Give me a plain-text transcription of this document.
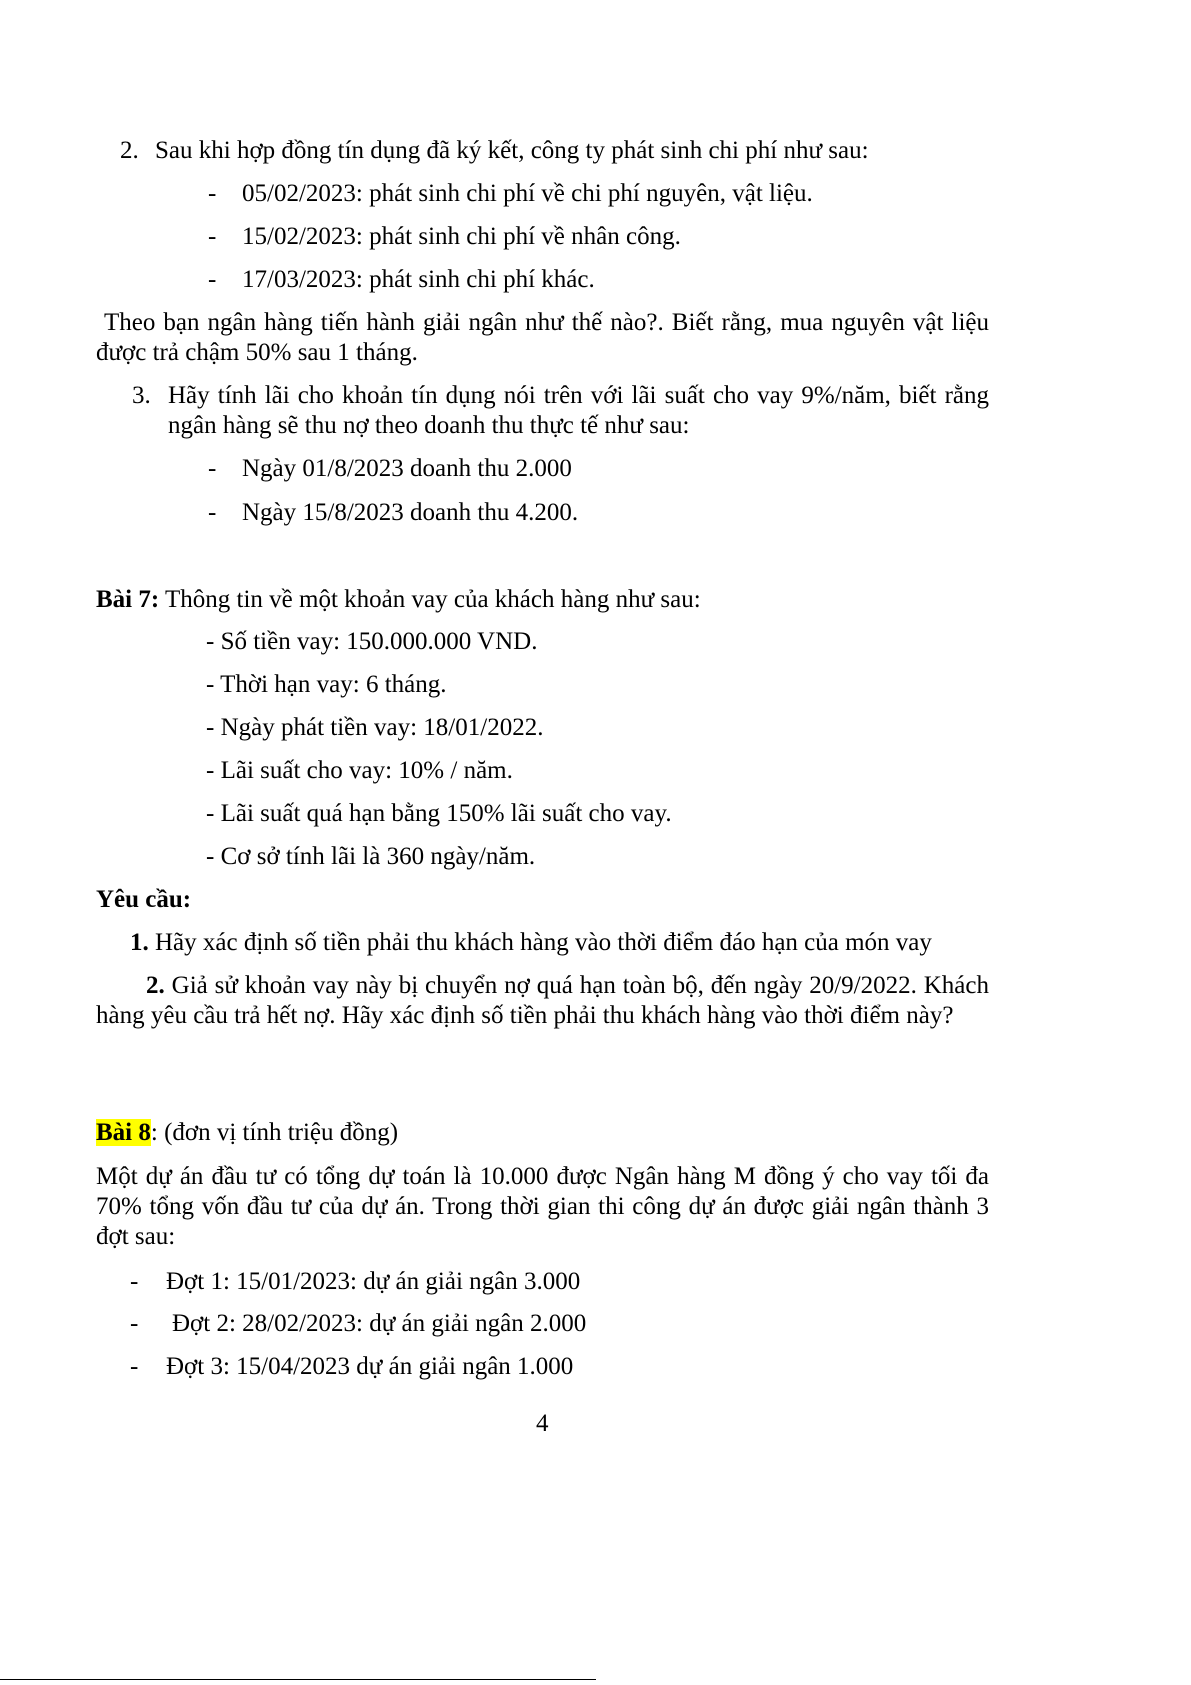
2. Sau khi hợp đồng tín dụng đã ký kết, công ty phát sinh chi phí như sau:
- 05/02/2023: phát sinh chi phí về chi phí nguyên, vật liệu.
- 15/02/2023: phát sinh chi phí về nhân công.
- 17/03/2023: phát sinh chi phí khác.
Theo bạn ngân hàng tiến hành giải ngân như thế nào?. Biết rằng, mua nguyên vật liệu được trả chậm 50% sau 1 tháng.
3. Hãy tính lãi cho khoản tín dụng nói trên với lãi suất cho vay 9%/năm, biết rằng ngân hàng sẽ thu nợ theo doanh thu thực tế như sau:
- Ngày 01/8/2023 doanh thu 2.000
- Ngày 15/8/2023 doanh thu 4.200.
Bài 7: Thông tin về một khoản vay của khách hàng như sau:
- Số tiền vay: 150.000.000 VND.
- Thời hạn vay: 6 tháng.
- Ngày phát tiền vay: 18/01/2022.
- Lãi suất cho vay: 10% / năm.
- Lãi suất quá hạn bằng 150% lãi suất cho vay.
- Cơ sở tính lãi là 360 ngày/năm.
Yêu cầu:
1. Hãy xác định số tiền phải thu khách hàng vào thời điểm đáo hạn của món vay
2. Giả sử khoản vay này bị chuyển nợ quá hạn toàn bộ, đến ngày 20/9/2022. Khách hàng yêu cầu trả hết nợ. Hãy xác định số tiền phải thu khách hàng vào thời điểm này?
Bài 8: (đơn vị tính triệu đồng)
Một dự án đầu tư có tổng dự toán là 10.000 được Ngân hàng M đồng ý cho vay tối đa 70% tổng vốn đầu tư của dự án. Trong thời gian thi công dự án được giải ngân thành 3 đợt sau:
- Đợt 1: 15/01/2023: dự án giải ngân 3.000
- Đợt 2: 28/02/2023: dự án giải ngân 2.000
- Đợt 3: 15/04/2023 dự án giải ngân 1.000
4
